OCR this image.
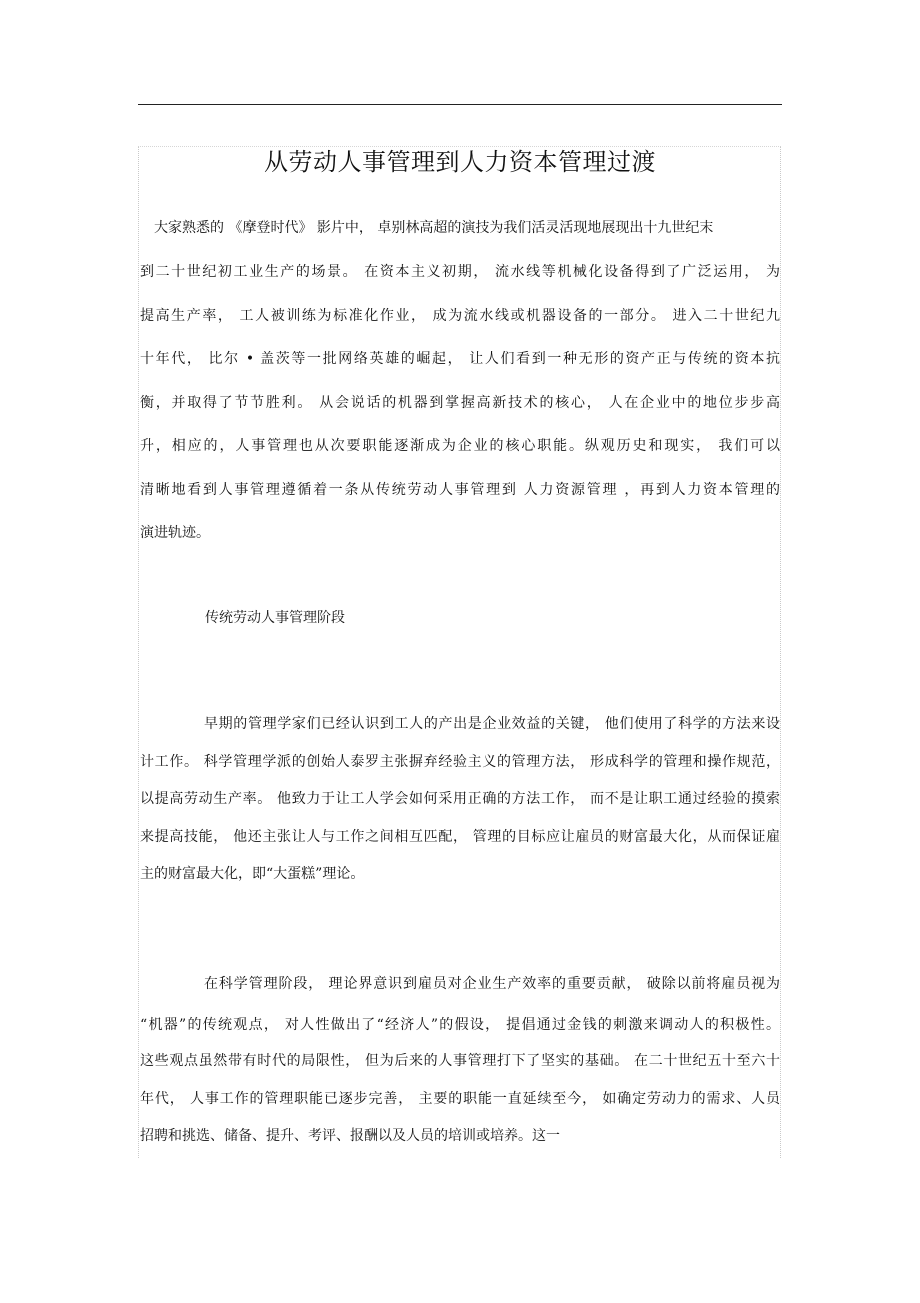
从劳动人事管理到人力资本管理过渡

大家熟悉的 《摩登时代》 影片中， 卓别林高超的演技为我们活灵活现地展现出十九世纪末

到二十世纪初工业生产的场景。 在资本主义初期， 流水线等机械化设备得到了广泛运用， 为

提高生产率， 工人被训练为标准化作业， 成为流水线或机器设备的一部分。 进入二十世纪九

十年代， 比尔 • 盖茨等一批网络英雄的崛起， 让人们看到一种无形的资产正与传统的资本抗

衡，并取得了节节胜利。 从会说话的机器到掌握高新技术的核心， 人在企业中的地位步步高

升，相应的，人事管理也从次要职能逐渐成为企业的核心职能。纵观历史和现实， 我们可以

清晰地看到人事管理遵循着一条从传统劳动人事管理到 人力资源管理 ，再到人力资本管理的

演进轨迹。

传统劳动人事管理阶段

早期的管理学家们已经认识到工人的产出是企业效益的关键， 他们使用了科学的方法来设

计工作。 科学管理学派的创始人泰罗主张摒弃经验主义的管理方法， 形成科学的管理和操作规范，

以提高劳动生产率。 他致力于让工人学会如何采用正确的方法工作， 而不是让职工通过经验的摸索

来提高技能， 他还主张让人与工作之间相互匹配， 管理的目标应让雇员的财富最大化，从而保证雇

主的财富最大化，即“大蛋糕”理论。

在科学管理阶段， 理论界意识到雇员对企业生产效率的重要贡献， 破除以前将雇员视为

“机器”的传统观点， 对人性做出了“经济人”的假设， 提倡通过金钱的刺激来调动人的积极性。

这些观点虽然带有时代的局限性， 但为后来的人事管理打下了坚实的基础。 在二十世纪五十至六十

年代， 人事工作的管理职能已逐步完善， 主要的职能一直延续至今， 如确定劳动力的需求、人员

招聘和挑选、储备、提升、考评、报酬以及人员的培训或培养。这一
